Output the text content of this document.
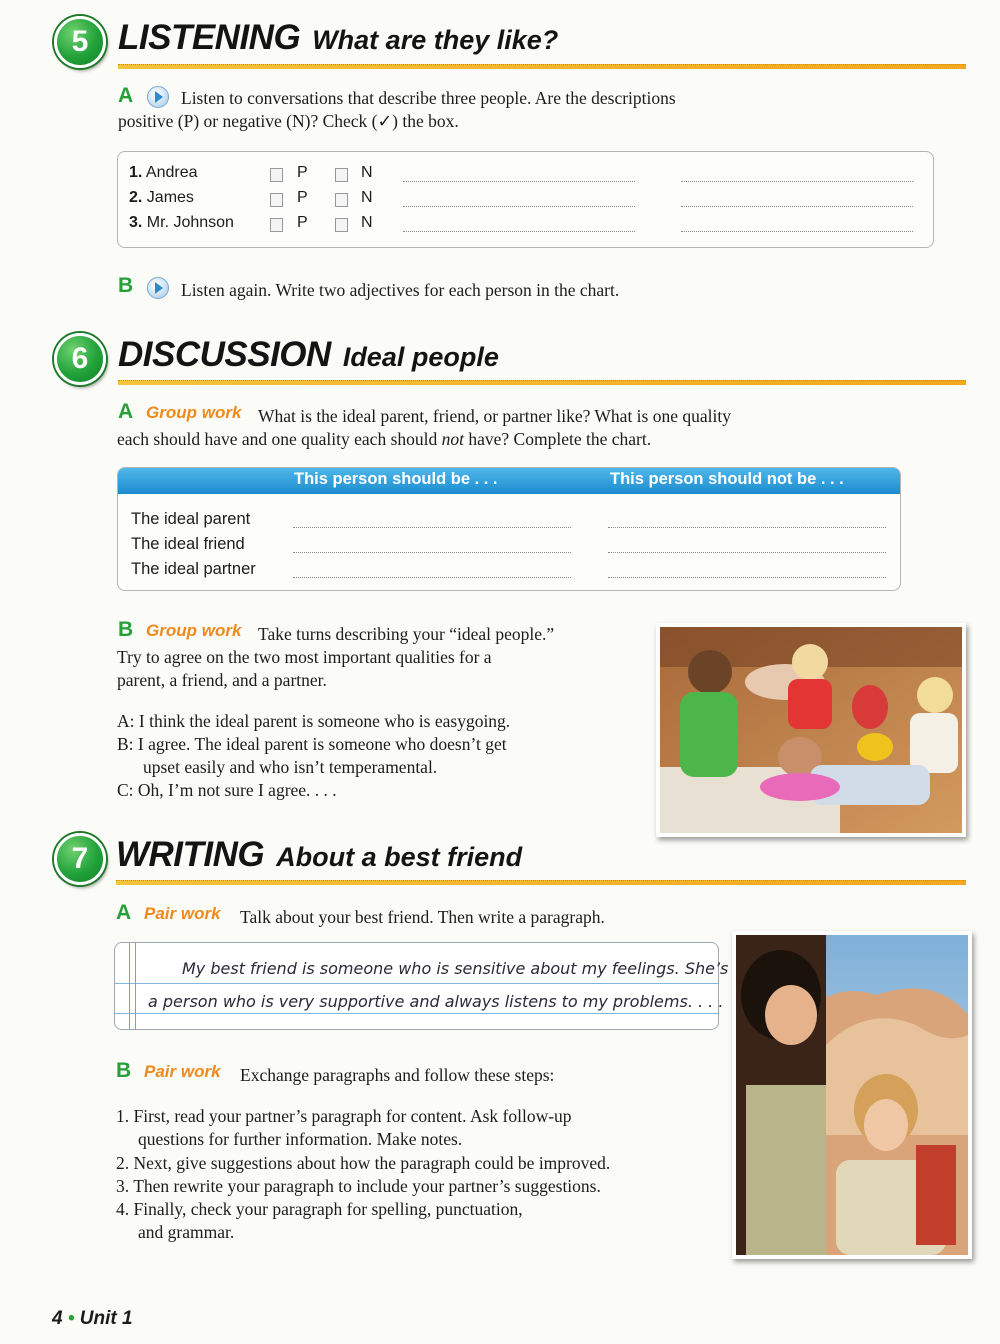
5 LISTENING What are they like?
A	Listen to conversations that describe three people. Are the descriptions
positive (P) or negative (N)? Check (✓) the box.
1. Andrea	P	N
2. James	P	N
3. Mr. Johnson	P	N
B	Listen again. Write two adjectives for each person in the chart.
6 DISCUSSION Ideal people
A Group work What is the ideal parent, friend, or partner like? What is one quality
each should have and one quality each should not have? Complete the chart.
This person should be . . .	This person should not be . . .
The ideal parent
The ideal friend
The ideal partner
B Group work Take turns describing your “ideal people.”
Try to agree on the two most important qualities for a
parent, a friend, and a partner.
A: I think the ideal parent is someone who is easygoing.
B: I agree. The ideal parent is someone who doesn’t get
upset easily and who isn’t temperamental.
C: Oh, I’m not sure I agree. . . .
7 WRITING About a best friend
A Pair work Talk about your best friend. Then write a paragraph.
My best friend is someone who is sensitive about my feelings. She’s
a person who is very supportive and always listens to my problems. . . .
B Pair work Exchange paragraphs and follow these steps:
1. First, read your partner’s paragraph for content. Ask follow-up
questions for further information. Make notes.
2. Next, give suggestions about how the paragraph could be improved.
3. Then rewrite your paragraph to include your partner’s suggestions.
4. Finally, check your paragraph for spelling, punctuation,
and grammar.
4 • Unit 1
